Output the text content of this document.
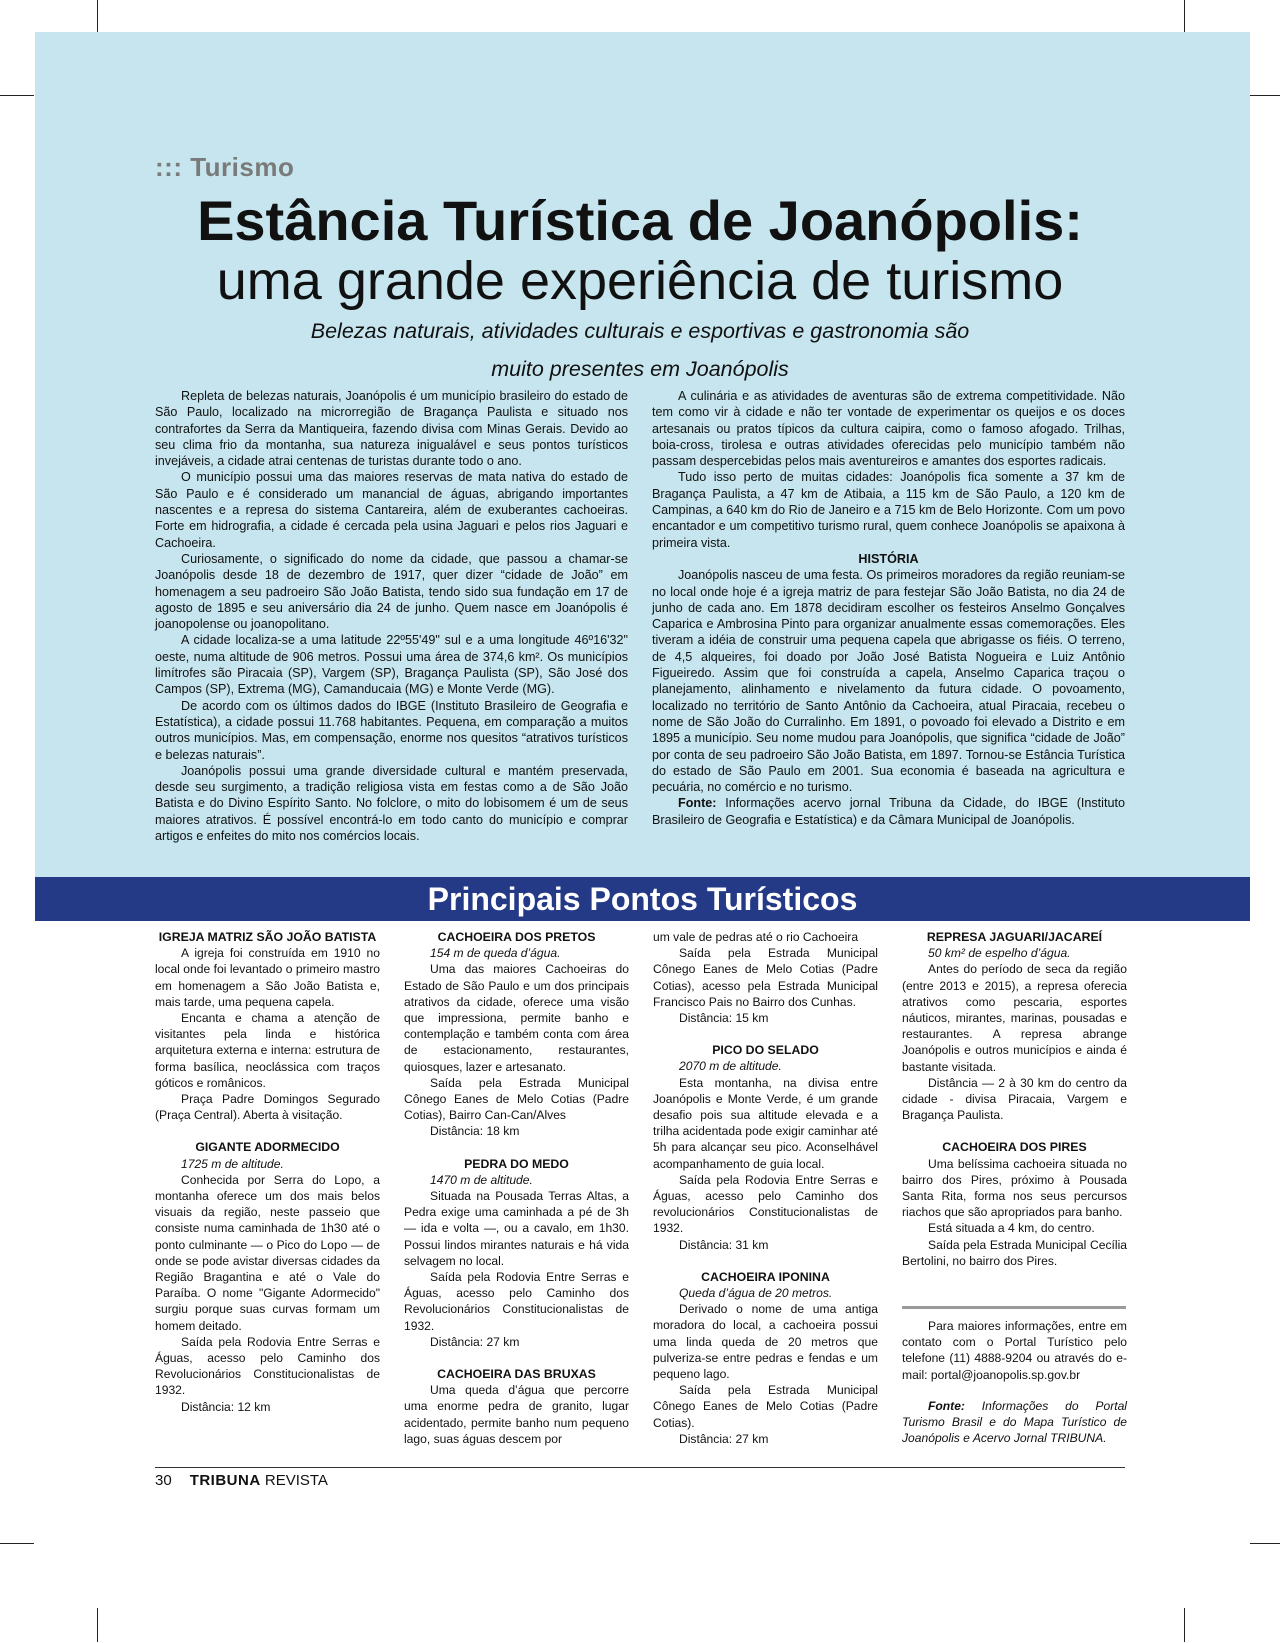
::: Turismo
Estância Turística de Joanópolis:
uma grande experiência de turismo
Belezas naturais, atividades culturais e esportivas e gastronomia são
muito presentes em Joanópolis

Repleta de belezas naturais, Joanópolis é um município brasileiro do estado de São Paulo, localizado na microrregião de Bragança Paulista e situado nos contrafortes da Serra da Mantiqueira, fazendo divisa com Minas Gerais. Devido ao seu clima frio da montanha, sua natureza inigualável e seus pontos turísticos invejáveis, a cidade atrai centenas de turistas durante todo o ano.

O município possui uma das maiores reservas de mata nativa do estado de São Paulo e é considerado um manancial de águas, abrigando importantes nascentes e a represa do sistema Cantareira, além de exuberantes cachoeiras. Forte em hidrografia, a cidade é cercada pela usina Jaguari e pelos rios Jaguari e Cachoeira.

Curiosamente, o significado do nome da cidade, que passou a chamar-se Joanópolis desde 18 de dezembro de 1917, quer dizer “cidade de João” em homenagem a seu padroeiro São João Batista, tendo sido sua fundação em 17 de agosto de 1895 e seu aniversário dia 24 de junho. Quem nasce em Joanópolis é joanopolense ou joanopolitano.

A cidade localiza-se a uma latitude 22º55'49" sul e a uma longitude 46º16'32" oeste, numa altitude de 906 metros. Possui uma área de 374,6 km². Os municípios limítrofes são Piracaia (SP), Vargem (SP), Bragança Paulista (SP), São José dos Campos (SP), Extrema (MG), Camanducaia (MG) e Monte Verde (MG).

De acordo com os últimos dados do IBGE (Instituto Brasileiro de Geografia e Estatística), a cidade possui 11.768 habitantes. Pequena, em comparação a muitos outros municípios. Mas, em compensação, enorme nos quesitos “atrativos turísticos e belezas naturais”.

Joanópolis possui uma grande diversidade cultural e mantém preservada, desde seu surgimento, a tradição religiosa vista em festas como a de São João Batista e do Divino Espírito Santo. No folclore, o mito do lobisomem é um de seus maiores atrativos. É possível encontrá-lo em todo canto do município e comprar artigos e enfeites do mito nos comércios locais.

A culinária e as atividades de aventuras são de extrema competitividade. Não tem como vir à cidade e não ter vontade de experimentar os queijos e os doces artesanais ou pratos típicos da cultura caipira, como o famoso afogado. Trilhas, boia-cross, tirolesa e outras atividades oferecidas pelo município também não passam despercebidas pelos mais aventureiros e amantes dos esportes radicais.

Tudo isso perto de muitas cidades: Joanópolis fica somente a 37 km de Bragança Paulista, a 47 km de Atibaia, a 115 km de São Paulo, a 120 km de Campinas, a 640 km do Rio de Janeiro e a 715 km de Belo Horizonte. Com um povo encantador e um competitivo turismo rural, quem conhece Joanópolis se apaixona à primeira vista.

HISTÓRIA

Joanópolis nasceu de uma festa. Os primeiros moradores da região reuniam-se no local onde hoje é a igreja matriz de para festejar São João Batista, no dia 24 de junho de cada ano. Em 1878 decidiram escolher os festeiros Anselmo Gonçalves Caparica e Ambrosina Pinto para organizar anualmente essas comemorações. Eles tiveram a idéia de construir uma pequena capela que abrigasse os fiéis. O terreno, de 4,5 alqueires, foi doado por João José Batista Nogueira e Luiz Antônio Figueiredo. Assim que foi construída a capela, Anselmo Caparica traçou o planejamento, alinhamento e nivelamento da futura cidade. O povoamento, localizado no território de Santo Antônio da Cachoeira, atual Piracaia, recebeu o nome de São João do Curralinho. Em 1891, o povoado foi elevado a Distrito e em 1895 a município. Seu nome mudou para Joanópolis, que significa “cidade de João” por conta de seu padroeiro São João Batista, em 1897. Tornou-se Estância Turística do estado de São Paulo em 2001. Sua economia é baseada na agricultura e pecuária, no comércio e no turismo.

Fonte: Informações acervo jornal Tribuna da Cidade, do IBGE (Instituto Brasileiro de Geografia e Estatística) e da Câmara Municipal de Joanópolis.

Principais Pontos Turísticos
IGREJA MATRIZ SÃO JOÃO BATISTA

A igreja foi construída em 1910 no local onde foi levantado o primeiro mastro em homenagem a São João Batista e, mais tarde, uma pequena capela.

Encanta e chama a atenção de visitantes pela linda e histórica arquitetura externa e interna: estrutura de forma basílica, neoclássica com traços góticos e românicos.

Praça Padre Domingos Segurado (Praça Central). Aberta à visitação.

GIGANTE ADORMECIDO
1725 m de altitude.

Conhecida por Serra do Lopo, a montanha oferece um dos mais belos visuais da região, neste passeio que consiste numa caminhada de 1h30 até o ponto culminante — o Pico do Lopo — de onde se pode avistar diversas cidades da Região Bragantina e até o Vale do Paraíba. O nome "Gigante Adormecido" surgiu porque suas curvas formam um homem deitado.

Saída pela Rodovia Entre Serras e Águas, acesso pelo Caminho dos Revolucionários Constitucionalistas de 1932.

Distância: 12 km

CACHOEIRA DOS PRETOS
154 m de queda d’água.

Uma das maiores Cachoeiras do Estado de São Paulo e um dos principais atrativos da cidade, oferece uma visão que impressiona, permite banho e contemplação e também conta com área de estacionamento, restaurantes, quiosques, lazer e artesanato.

Saída pela Estrada Municipal Cônego Eanes de Melo Cotias (Padre Cotias), Bairro Can-Can/Alves

Distância: 18 km

PEDRA DO MEDO
1470 m de altitude.

Situada na Pousada Terras Altas, a Pedra exige uma caminhada a pé de 3h — ida e volta —, ou a cavalo, em 1h30. Possui lindos mirantes naturais e há vida selvagem no local.

Saída pela Rodovia Entre Serras e Águas, acesso pelo Caminho dos Revolucionários Constitucionalistas de 1932.

Distância: 27 km

CACHOEIRA DAS BRUXAS

Uma queda d’água que percorre uma enorme pedra de granito, lugar acidentado, permite banho num pequeno lago, suas águas descem por

um vale de pedras até o rio Cachoeira

Saída pela Estrada Municipal Cônego Eanes de Melo Cotias (Padre Cotias), acesso pela Estrada Municipal Francisco Pais no Bairro dos Cunhas.

Distância: 15 km

PICO DO SELADO
2070 m de altitude.

Esta montanha, na divisa entre Joanópolis e Monte Verde, é um grande desafio pois sua altitude elevada e a trilha acidentada pode exigir caminhar até 5h para alcançar seu pico. Aconselhável acompanhamento de guia local.

Saída pela Rodovia Entre Serras e Águas, acesso pelo Caminho dos revolucionários Constitucionalistas de 1932.

Distância: 31 km

CACHOEIRA IPONINA
Queda d’água de 20 metros.

Derivado o nome de uma antiga moradora do local, a cachoeira possui uma linda queda de 20 metros que pulveriza-se entre pedras e fendas e um pequeno lago.

Saída pela Estrada Municipal Cônego Eanes de Melo Cotias (Padre Cotias).

Distância: 27 km

REPRESA JAGUARI/JACAREÍ
50 km² de espelho d’água.

Antes do período de seca da região (entre 2013 e 2015), a represa oferecia atrativos como pescaria, esportes náuticos, mirantes, marinas, pousadas e restaurantes. A represa abrange Joanópolis e outros municípios e ainda é bastante visitada.

Distância — 2 à 30 km do centro da cidade - divisa Piracaia, Vargem e Bragança Paulista.

CACHOEIRA DOS PIRES

Uma belíssima cachoeira situada no bairro dos Pires, próximo à Pousada Santa Rita, forma nos seus percursos riachos que são apropriados para banho.

Está situada a 4 km, do centro.

Saída pela Estrada Municipal Cecília Bertolini, no bairro dos Pires.

Para maiores informações, entre em contato com o Portal Turístico pelo telefone (11) 4888-9204 ou através do e-mail: portal@joanopolis.sp.gov.br

Fonte: Informações do Portal Turismo Brasil e do Mapa Turístico de Joanópolis e Acervo Jornal TRIBUNA.
30 TRIBUNA REVISTA
